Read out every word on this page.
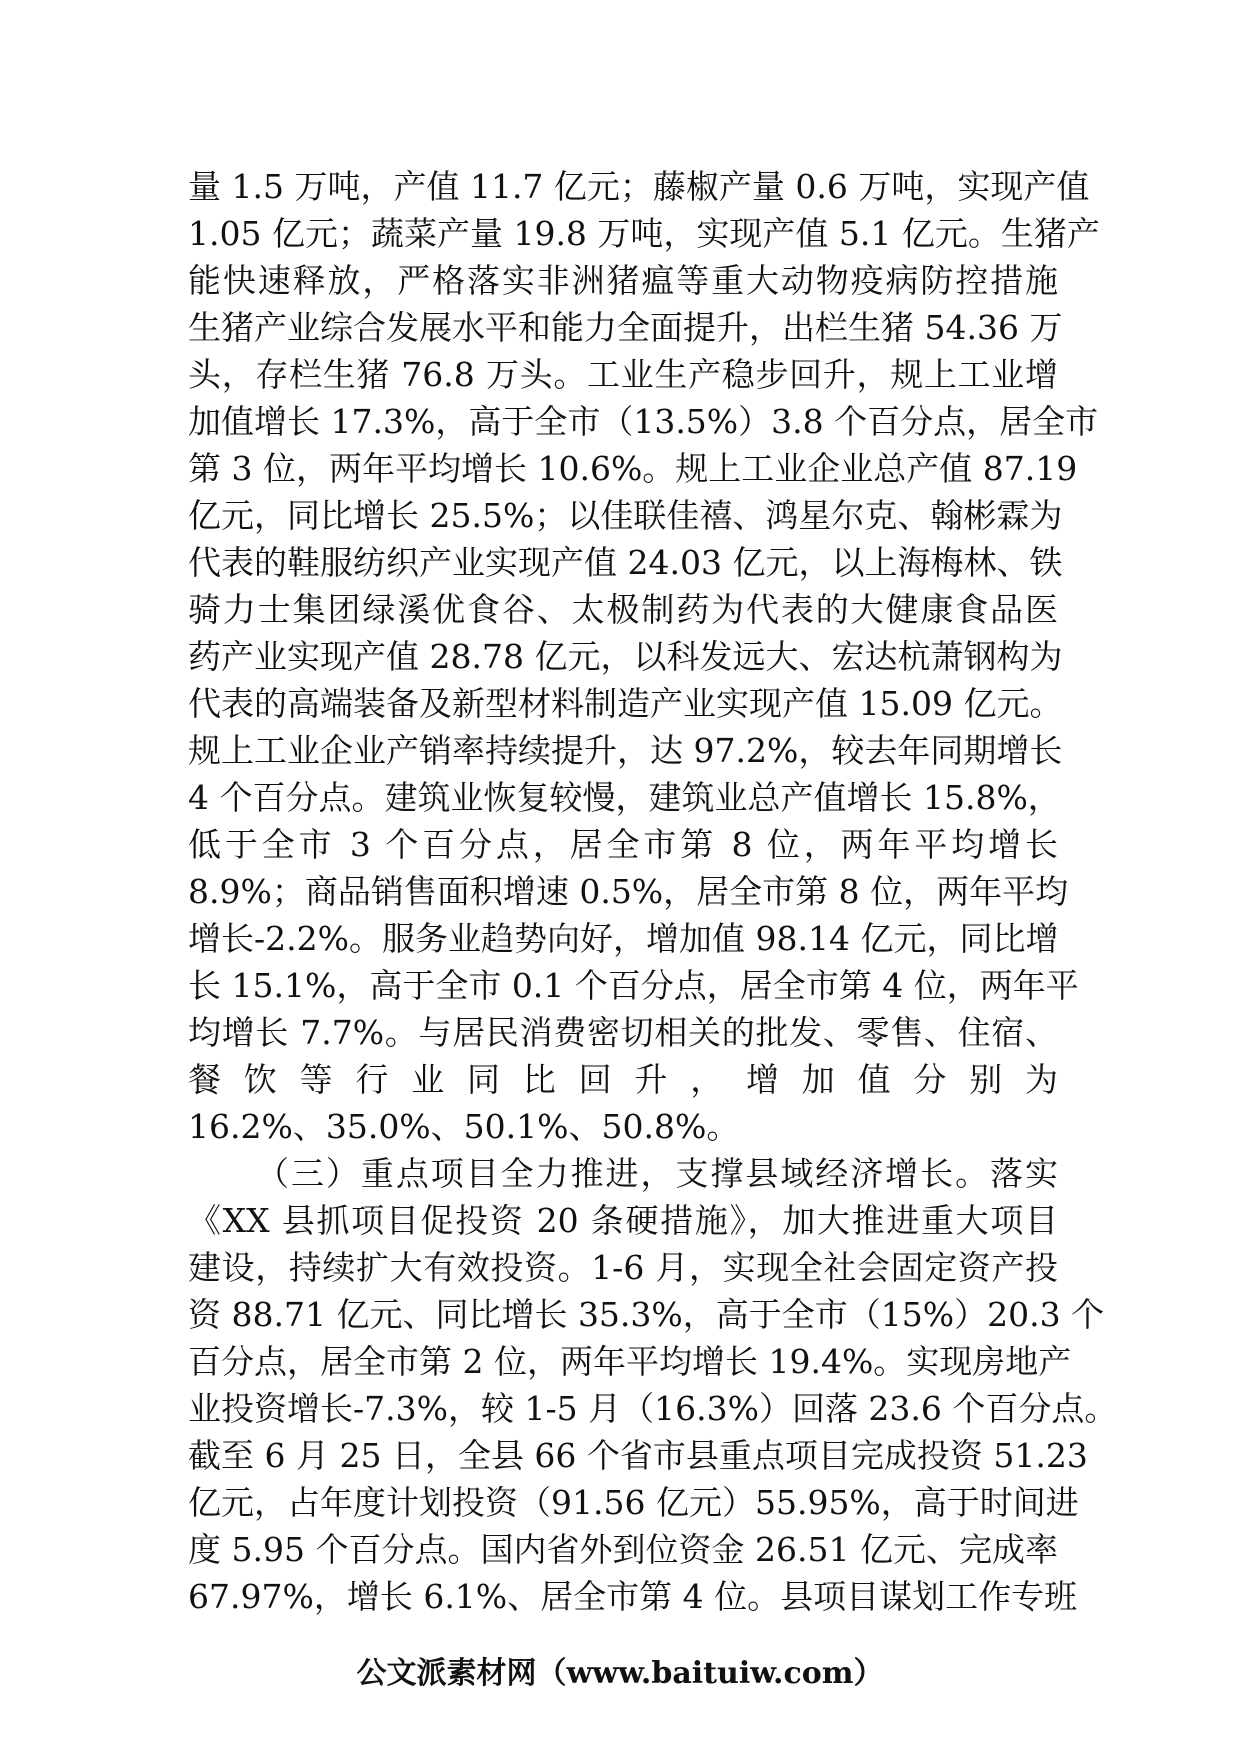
量 1.5 万吨，产值 11.7 亿元；藤椒产量 0.6 万吨，实现产值
1.05 亿元；蔬菜产量 19.8 万吨，实现产值 5.1 亿元。生猪产
能快速释放，严格落实非洲猪瘟等重大动物疫病防控措施
生猪产业综合发展水平和能力全面提升，出栏生猪 54.36 万
头，存栏生猪 76.8 万头。工业生产稳步回升，规上工业增
加值增长 17.3%，高于全市（13.5%）3.8 个百分点，居全市
第 3 位，两年平均增长 10.6%。规上工业企业总产值 87.19
亿元，同比增长 25.5%；以佳联佳禧、鸿星尔克、翰彬霖为
代表的鞋服纺织产业实现产值 24.03 亿元，以上海梅林、铁
骑力士集团绿溪优食谷、太极制药为代表的大健康食品医
药产业实现产值 28.78 亿元，以科发远大、宏达杭萧钢构为
代表的高端装备及新型材料制造产业实现产值 15.09 亿元。
规上工业企业产销率持续提升，达 97.2%，较去年同期增长
4 个百分点。建筑业恢复较慢，建筑业总产值增长 15.8%，
低于全市 3 个百分点，居全市第 8 位，两年平均增长
8.9%；商品销售面积增速 0.5%，居全市第 8 位，两年平均
增长-2.2%。服务业趋势向好，增加值 98.14 亿元，同比增
长 15.1%，高于全市 0.1 个百分点，居全市第 4 位，两年平
均增长 7.7%。与居民消费密切相关的批发、零售、住宿、
餐饮等行业同比回升，增加值分别为
16.2%、35.0%、50.1%、50.8%。
（三）重点项目全力推进，支撑县域经济增长。落实
《XX 县抓项目促投资 20 条硬措施》，加大推进重大项目
建设，持续扩大有效投资。1-6 月，实现全社会固定资产投
资 88.71 亿元、同比增长 35.3%，高于全市（15%）20.3 个
百分点，居全市第 2 位，两年平均增长 19.4%。实现房地产
业投资增长-7.3%，较 1-5 月（16.3%）回落 23.6 个百分点。
截至 6 月 25 日，全县 66 个省市县重点项目完成投资 51.23
亿元，占年度计划投资（91.56 亿元）55.95%，高于时间进
度 5.95 个百分点。国内省外到位资金 26.51 亿元、完成率
67.97%，增长 6.1%、居全市第 4 位。县项目谋划工作专班
公文派素材网（www.baituiw.com）
